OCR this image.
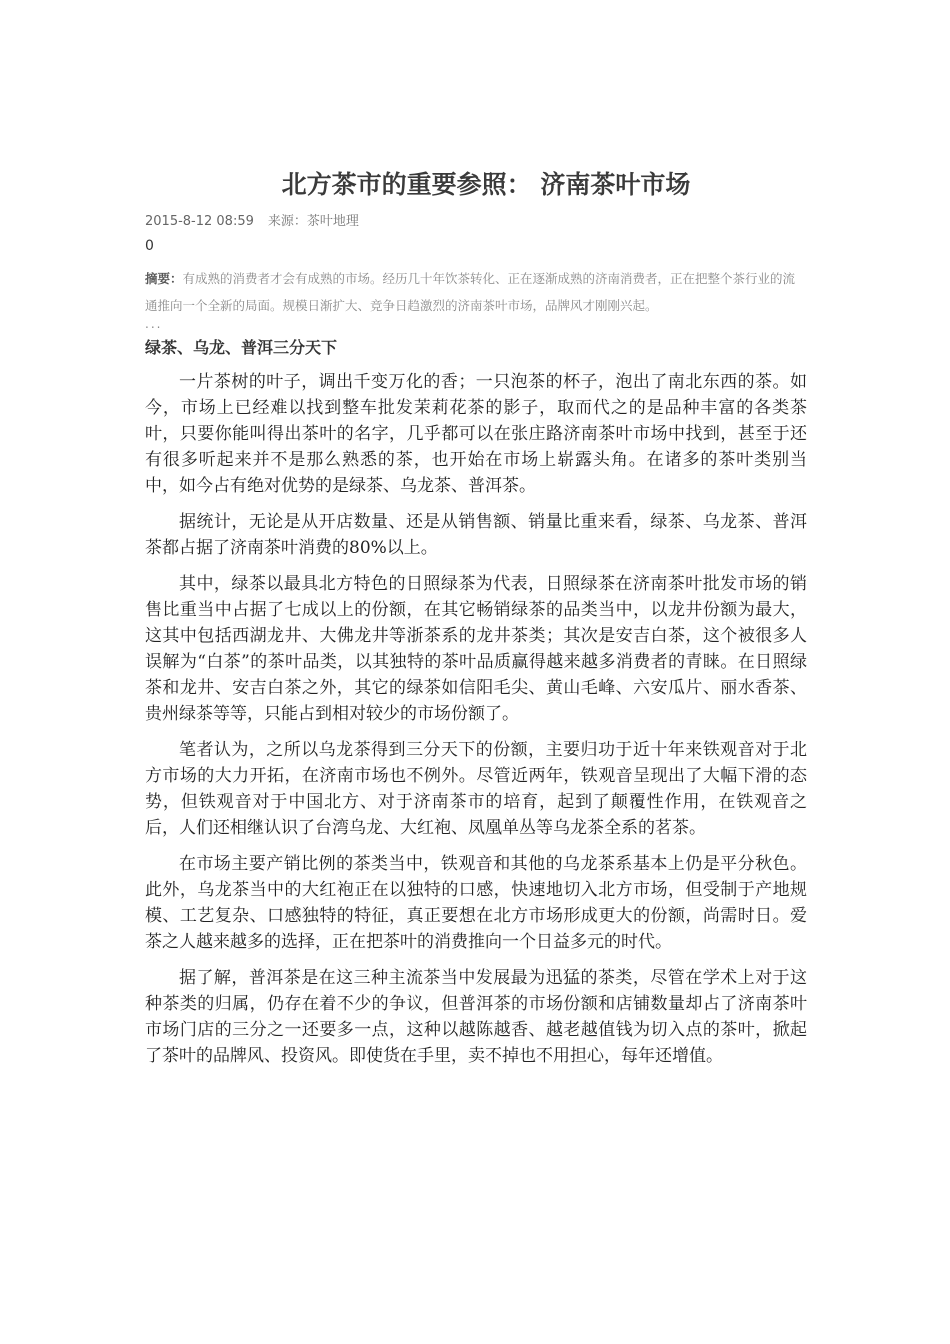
北方茶市的重要参照： 济南茶叶市场
2015-8-12 08:59 来源：茶叶地理
0
摘要：有成熟的消费者才会有成熟的市场。经历几十年饮茶转化、正在逐渐成熟的济南消费者，正在把整个茶行业的流通推向一个全新的局面。规模日渐扩大、竞争日趋激烈的济南茶叶市场，品牌风才刚刚兴起。
...
绿茶、乌龙、普洱三分天下

一片茶树的叶子，调出千变万化的香；一只泡茶的杯子，泡出了南北东西的茶。如今，市场上已经难以找到整车批发茉莉花茶的影子，取而代之的是品种丰富的各类茶叶，只要你能叫得出茶叶的名字，几乎都可以在张庄路济南茶叶市场中找到，甚至于还有很多听起来并不是那么熟悉的茶，也开始在市场上崭露头角。在诸多的茶叶类别当中，如今占有绝对优势的是绿茶、乌龙茶、普洱茶。

据统计，无论是从开店数量、还是从销售额、销量比重来看，绿茶、乌龙茶、普洱茶都占据了济南茶叶消费的80%以上。

其中，绿茶以最具北方特色的日照绿茶为代表，日照绿茶在济南茶叶批发市场的销售比重当中占据了七成以上的份额，在其它畅销绿茶的品类当中，以龙井份额为最大，这其中包括西湖龙井、大佛龙井等浙茶系的龙井茶类；其次是安吉白茶，这个被很多人误解为“白茶”的茶叶品类，以其独特的茶叶品质赢得越来越多消费者的青睐。在日照绿茶和龙井、安吉白茶之外，其它的绿茶如信阳毛尖、黄山毛峰、六安瓜片、丽水香茶、贵州绿茶等等，只能占到相对较少的市场份额了。

笔者认为，之所以乌龙茶得到三分天下的份额，主要归功于近十年来铁观音对于北方市场的大力开拓，在济南市场也不例外。尽管近两年，铁观音呈现出了大幅下滑的态势，但铁观音对于中国北方、对于济南茶市的培育，起到了颠覆性作用，在铁观音之后，人们还相继认识了台湾乌龙、大红袍、凤凰单丛等乌龙茶全系的茗茶。

在市场主要产销比例的茶类当中，铁观音和其他的乌龙茶系基本上仍是平分秋色。此外，乌龙茶当中的大红袍正在以独特的口感，快速地切入北方市场，但受制于产地规模、工艺复杂、口感独特的特征，真正要想在北方市场形成更大的份额，尚需时日。爱茶之人越来越多的选择，正在把茶叶的消费推向一个日益多元的时代。

据了解，普洱茶是在这三种主流茶当中发展最为迅猛的茶类，尽管在学术上对于这种茶类的归属，仍存在着不少的争议，但普洱茶的市场份额和店铺数量却占了济南茶叶市场门店的三分之一还要多一点，这种以越陈越香、越老越值钱为切入点的茶叶，掀起了茶叶的品牌风、投资风。即使货在手里，卖不掉也不用担心，每年还增值。
